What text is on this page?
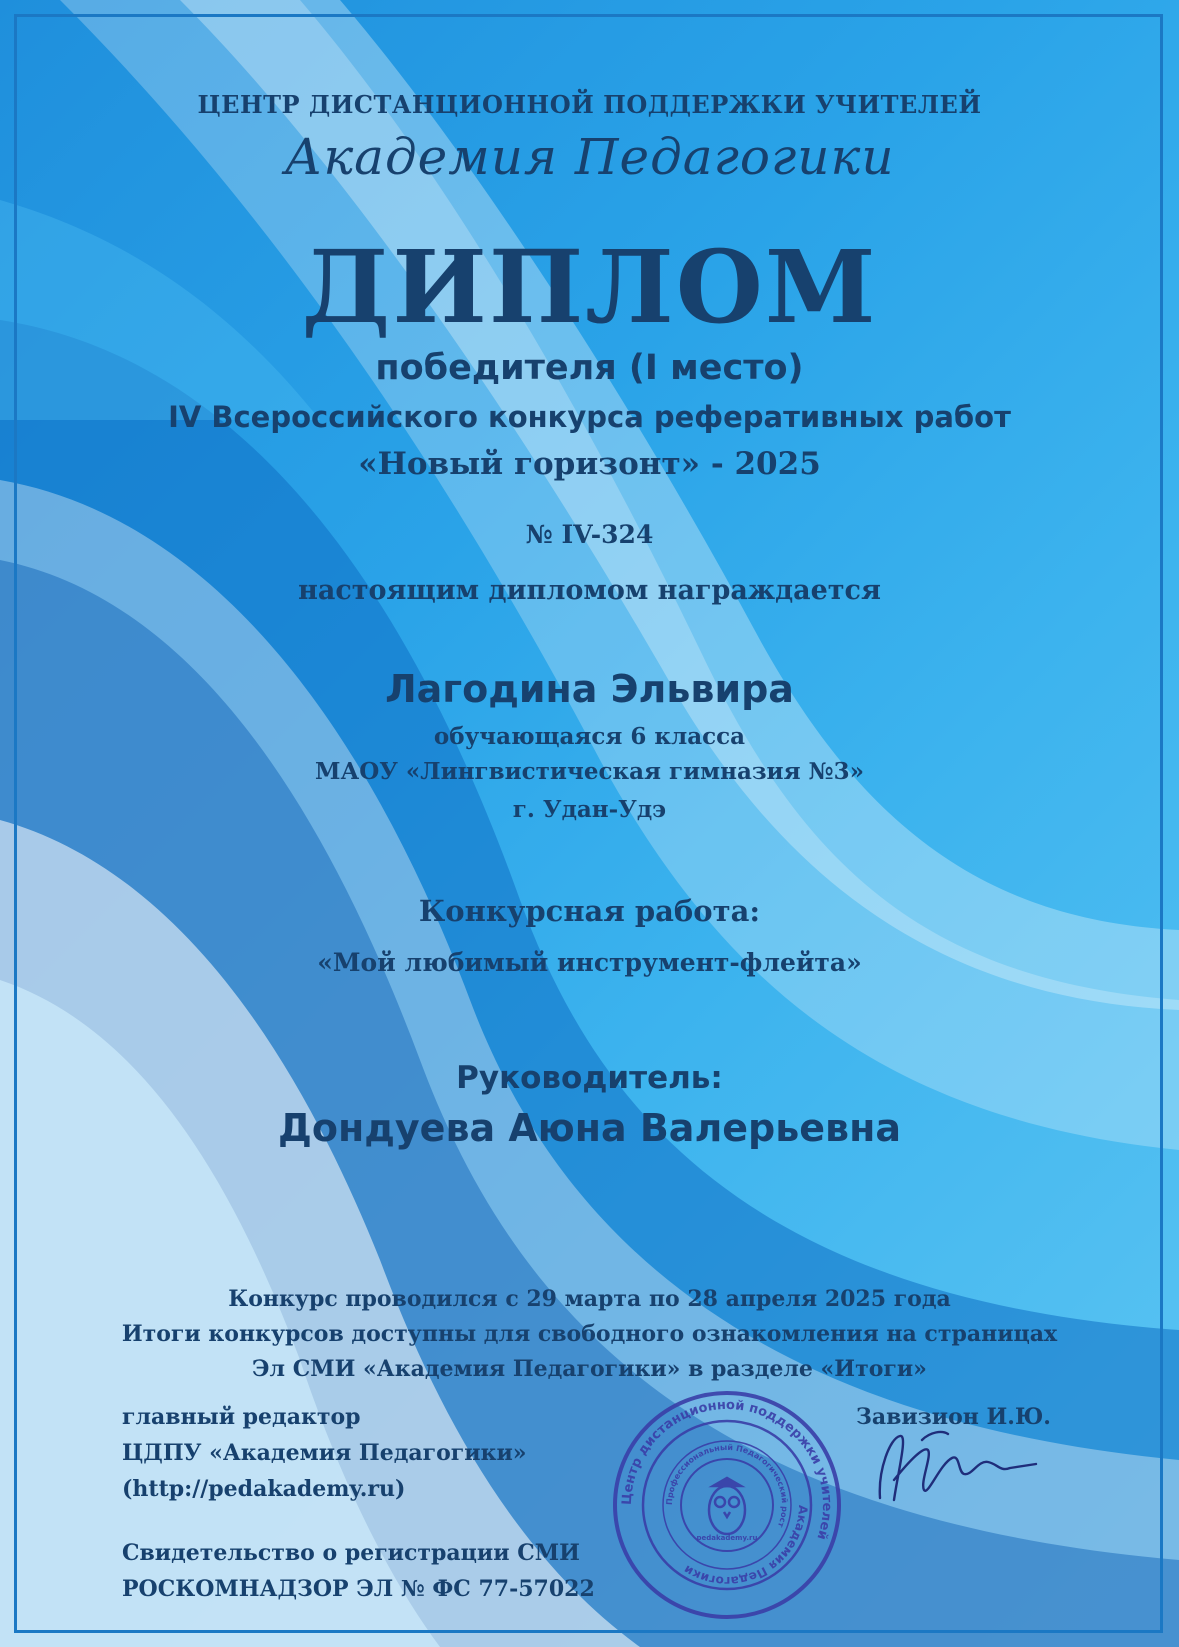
ЦЕНТР ДИСТАНЦИОННОЙ ПОДДЕРЖКИ УЧИТЕЛЕЙ
Академия Педагогики
ДИПЛОМ
победителя (I место)
IV Всероссийского конкурса реферативных работ
«Новый горизонт» - 2025
№ IV-324
настоящим дипломом награждается
Лагодина Эльвира
обучающаяся 6 класса
МАОУ «Лингвистическая гимназия №3»
г. Удан-Удэ
Конкурсная работа:
«Мой любимый инструмент-флейта»
Руководитель:
Дондуева Аюна Валерьевна
Конкурс проводился с 29 марта по 28 апреля 2025 года
Итоги конкурсов доступны для свободного ознакомления на страницах
Эл СМИ «Академия Педагогики» в разделе «Итоги»
главный редактор
ЦДПУ «Академия Педагогики»
(http://pedakademy.ru)
Завизион И.Ю.
Свидетельство о регистрации СМИ
РОСКОМНАДЗОР ЭЛ № ФС 77-57022
Центр дистанционной поддержки учителей
Академия Педагогики
Профессиональный Педагогический рост
pedakademy.ru
